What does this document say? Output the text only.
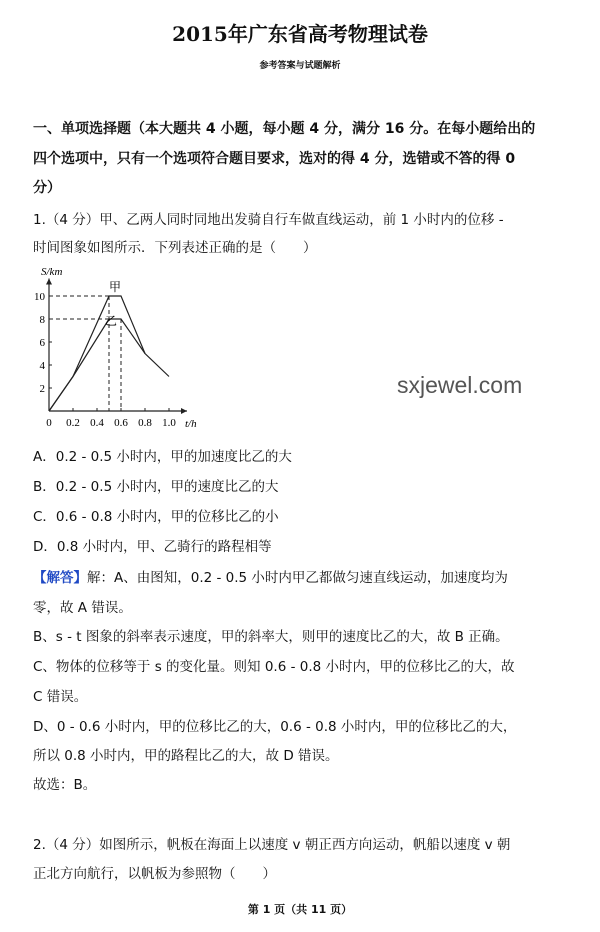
2015年广东省高考物理试卷
参考答案与试题解析
一、单项选择题（本大题共 4 小题，每小题 4 分，满分 16 分。在每小题给出的
四个选项中，只有一个选项符合题目要求，选对的得 4 分，选错或不答的得 0
分）
1.（4 分）甲、乙两人同时同地出发骑自行车做直线运动，前 1 小时内的位移 -
时间图象如图所示．下列表述正确的是（　　）
S/km
t/h
0 0.2 0.4 0.6 0.8 1.0
2
4
6
8
10
甲
乙
sxjewel.com
A．0.2 - 0.5 小时内，甲的加速度比乙的大
B．0.2 - 0.5 小时内，甲的速度比乙的大
C．0.6 - 0.8 小时内，甲的位移比乙的小
D．0.8 小时内，甲、乙骑行的路程相等
【解答】解：A、由图知，0.2 - 0.5 小时内甲乙都做匀速直线运动，加速度均为
零，故 A 错误。
B、s - t 图象的斜率表示速度，甲的斜率大，则甲的速度比乙的大，故 B 正确。
C、物体的位移等于 s 的变化量。则知 0.6 - 0.8 小时内，甲的位移比乙的大，故
C 错误。
D、0 - 0.6 小时内，甲的位移比乙的大，0.6 - 0.8 小时内，甲的位移比乙的大，
所以 0.8 小时内，甲的路程比乙的大，故 D 错误。
故选：B。
2.（4 分）如图所示，帆板在海面上以速度 v 朝正西方向运动，帆船以速度 v 朝
正北方向航行，以帆板为参照物（　　）
第 1 页（共 11 页）
